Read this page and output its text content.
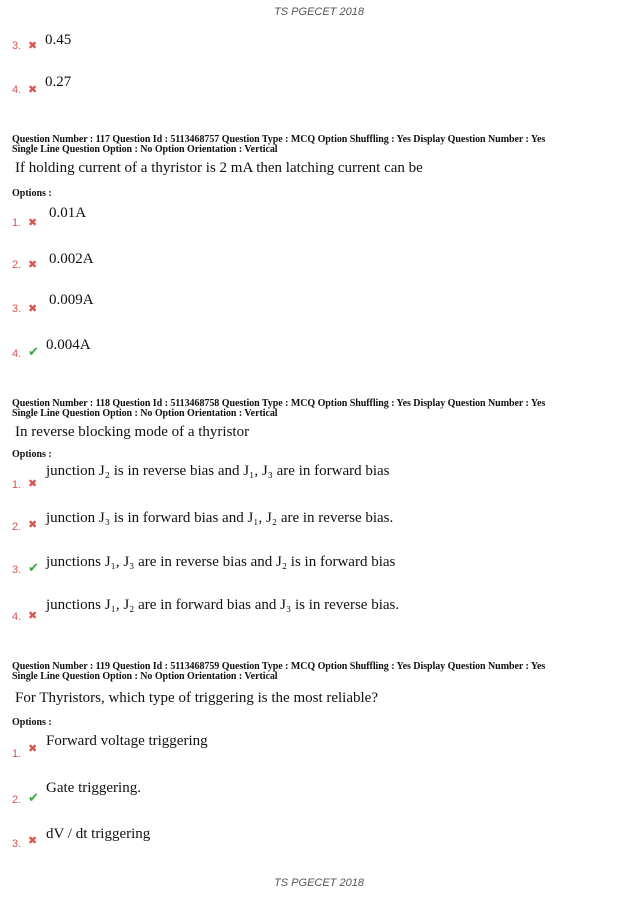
TS PGECET 2018
3. ✖ 0.45
4. ✖ 0.27
Question Number : 117 Question Id : 5113468757 Question Type : MCQ Option Shuffling : Yes Display Question Number : Yes
Single Line Question Option : No Option Orientation : Vertical
If holding current of a thyristor is 2 mA then latching current can be
Options :
1. ✖
0.01A
2. ✖ 0.002A
3. ✖
0.009A
4. ✔ 0.004A
Question Number : 118 Question Id : 5113468758 Question Type : MCQ Option Shuffling : Yes Display Question Number : Yes
Single Line Question Option : No Option Orientation : Vertical
In reverse blocking mode of a thyristor
Options :
1. ✖
junction J₂ is in reverse bias and J₁, J₃ are in forward bias
2. ✖ junction J₃ is in forward bias and J₁, J₂ are in reverse bias.
3. ✔ junctions J₁, J₃ are in reverse bias and J₂ is in forward bias
4. ✖
junctions J₁, J₂ are in forward bias and J₃ is in reverse bias.
Question Number : 119 Question Id : 5113468759 Question Type : MCQ Option Shuffling : Yes Display Question Number : Yes
Single Line Question Option : No Option Orientation : Vertical
For Thyristors, which type of triggering is the most reliable?
Options :
1. ✖ Forward voltage triggering
2. ✔
Gate triggering.
3. ✖ dV / dt triggering
TS PGECET 2018
